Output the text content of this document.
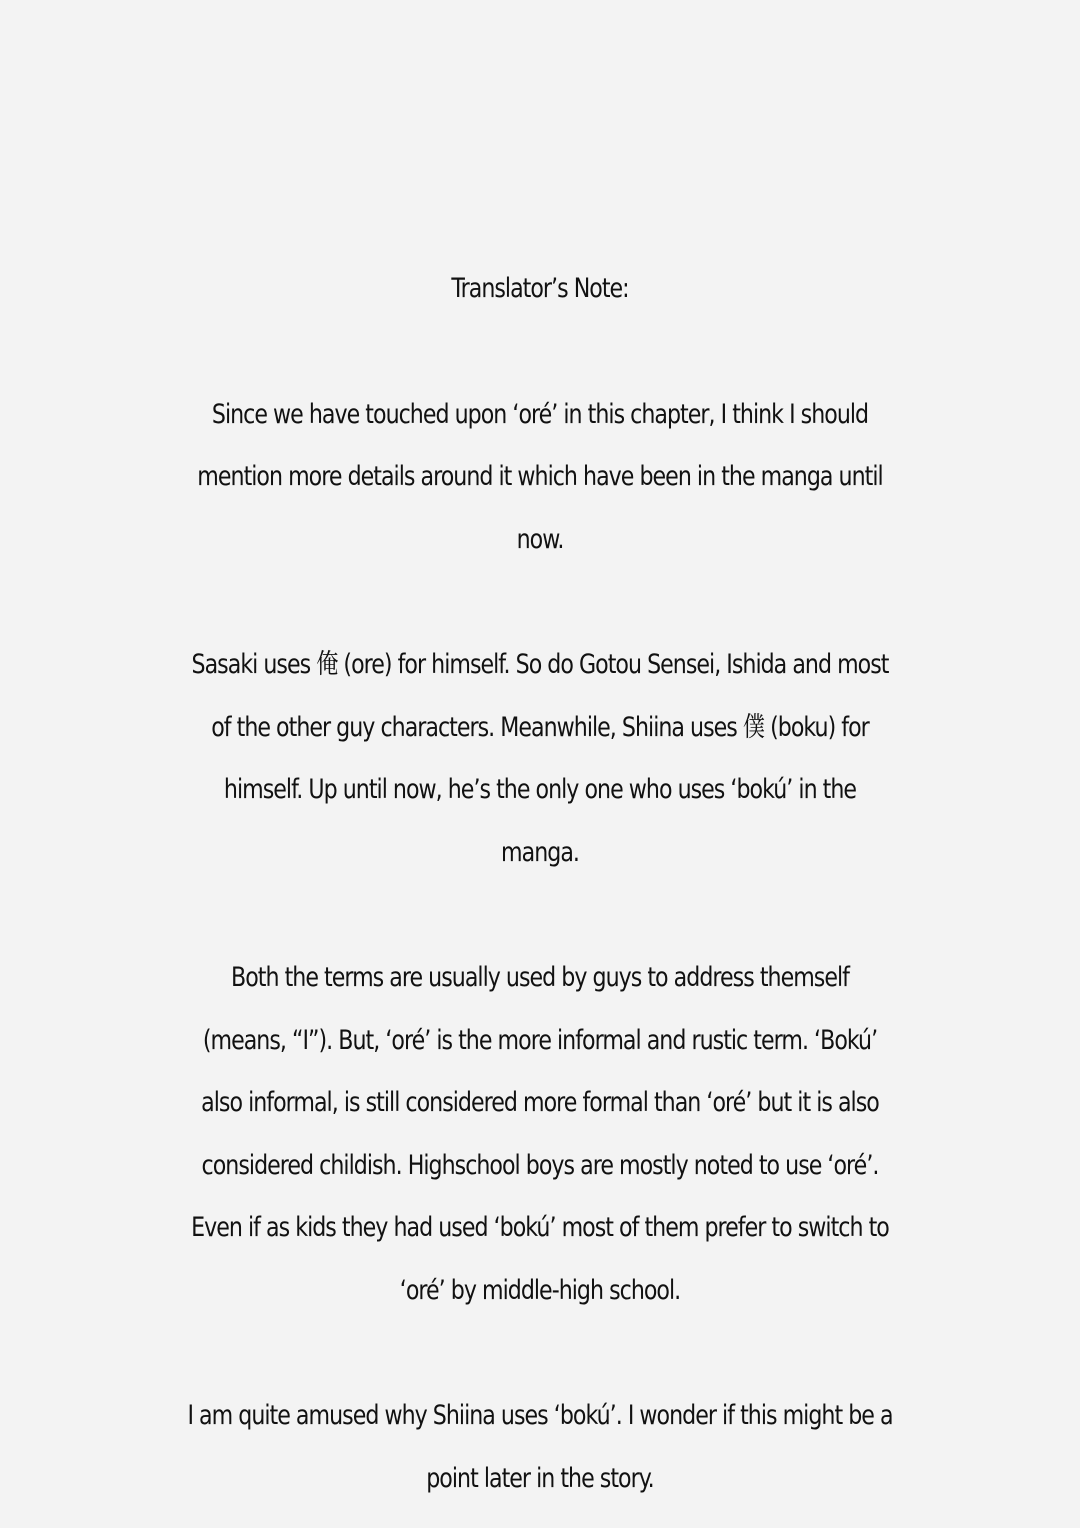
Translator’s Note:

Since we have touched upon ‘oré’ in this chapter, I think I should mention more details around it which have been in the manga until now.

Sasaki uses 俺 (ore) for himself. So do Gotou Sensei, Ishida and most of the other guy characters. Meanwhile, Shiina uses 僕 (boku) for himself. Up until now, he’s the only one who uses ‘bokú’ in the manga.

Both the terms are usually used by guys to address themself (means, “I”). But, ‘oré’ is the more informal and rustic term. ‘Bokú’ also informal, is still considered more formal than ‘oré’ but it is also considered childish. Highschool boys are mostly noted to use ‘oré’. Even if as kids they had used ‘bokú’ most of them prefer to switch to ‘oré’ by middle-high school.

I am quite amused why Shiina uses ‘bokú’. I wonder if this might be a point later in the story.
